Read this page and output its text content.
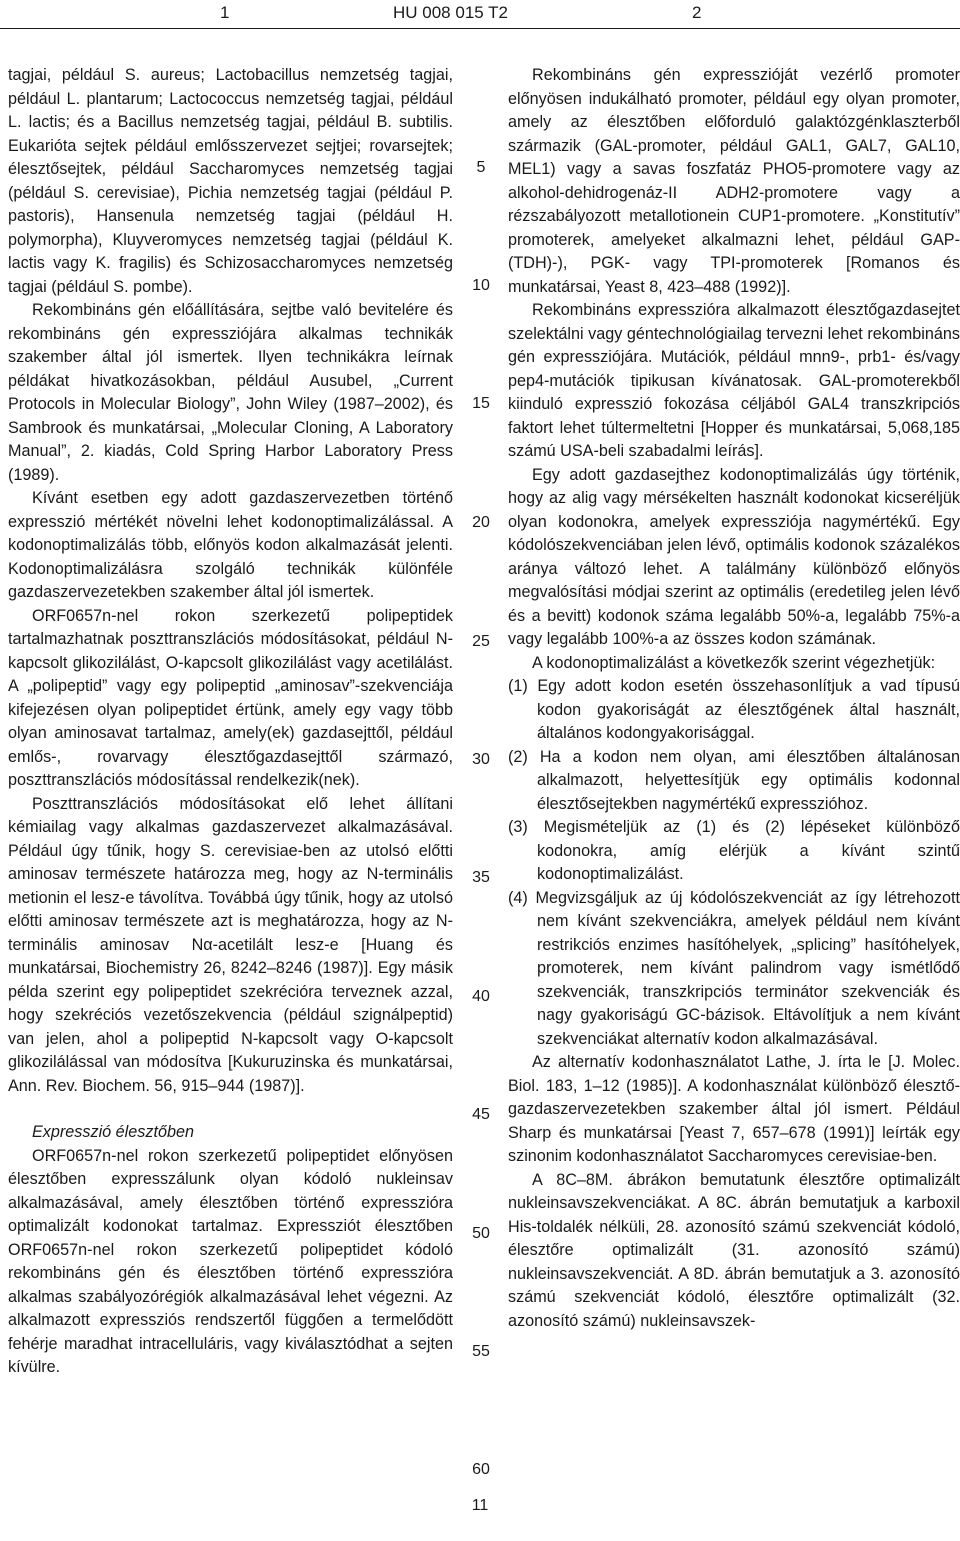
1	HU 008 015 T2	2

tagjai, például S. aureus; Lactobacillus nemzetség tagjai, például L. plantarum; Lactococcus nemzetség tagjai, például L. lactis; és a Bacillus nemzetség tagjai, például B. subtilis. Eukarióta sejtek például emlősszervezet sejtjei; rovarsejtek; élesztősejtek, például Saccharomyces nemzetség tagjai (például S. cerevisiae), Pichia nemzetség tagjai (például P. pastoris), Hansenula nemzetség tagjai (például H. polymorpha), Kluyveromyces nemzetség tagjai (például K. lactis vagy K. fragilis) és Schizosaccharomyces nemzetség tagjai (például S. pombe).

Rekombináns gén előállítására, sejtbe való bevitelére és rekombináns gén expressziójára alkalmas technikák szakember által jól ismertek. Ilyen technikákra leírnak példákat hivatkozásokban, például Ausubel, „Current Protocols in Molecular Biology”, John Wiley (1987–2002), és Sambrook és munkatársai, „Molecular Cloning, A Laboratory Manual”, 2. kiadás, Cold Spring Harbor Laboratory Press (1989).

Kívánt esetben egy adott gazdaszervezetben történő expresszió mértékét növelni lehet kodonoptimalizálással. A kodonoptimalizálás több, előnyös kodon alkalmazását jelenti. Kodonoptimalizálásra szolgáló technikák különféle gazdaszervezetekben szakember által jól ismertek.

ORF0657n-nel rokon szerkezetű polipeptidek tartalmazhatnak poszttranszlációs módosításokat, például N-kapcsolt glikozilálást, O-kapcsolt glikozilálást vagy acetilálást. A „polipeptid” vagy egy polipeptid „aminosav”-szekvenciája kifejezésen olyan polipeptidet értünk, amely egy vagy több olyan aminosavat tartalmaz, amely(ek) gazdasejttől, például emlős-, rovarvagy élesztőgazdasejttől származó, poszttranszlációs módosítással rendelkezik(nek).

Poszttranszlációs módosításokat elő lehet állítani kémiailag vagy alkalmas gazdaszervezet alkalmazásával. Például úgy tűnik, hogy S. cerevisiae-ben az utolsó előtti aminosav természete határozza meg, hogy az N-terminális metionin el lesz-e távolítva. Továbbá úgy tűnik, hogy az utolsó előtti aminosav természete azt is meghatározza, hogy az N-terminális aminosav Nα-acetilált lesz-e [Huang és munkatársai, Biochemistry 26, 8242–8246 (1987)]. Egy másik példa szerint egy polipeptidet szekrécióra terveznek azzal, hogy szekréciós vezetőszekvencia (például szignálpeptid) van jelen, ahol a polipeptid N-kapcsolt vagy O-kapcsolt glikozilálással van módosítva [Kukuruzinska és munkatársai, Ann. Rev. Biochem. 56, 915–944 (1987)].

Expresszió élesztőben

ORF0657n-nel rokon szerkezetű polipeptidet előnyösen élesztőben expresszálunk olyan kódoló nukleinsav alkalmazásával, amely élesztőben történő expresszióra optimalizált kodonokat tartalmaz. Expressziót élesztőben ORF0657n-nel rokon szerkezetű polipeptidet kódoló rekombináns gén és élesztőben történő expresszióra alkalmas szabályozórégiók alkalmazásával lehet végezni. Az alkalmazott expressziós rendszertől függően a termelődött fehérje maradhat intracelluláris, vagy kiválasztódhat a sejten kívülre.

5
10
15
20
25
30
35
40
45
50
55
60

Rekombináns gén expresszióját vezérlő promoter előnyösen indukálható promoter, például egy olyan promoter, amely az élesztőben előforduló galaktózgénklaszterből származik (GAL-promoter, például GAL1, GAL7, GAL10, MEL1) vagy a savas foszfatáz PHO5-promotere vagy az alkohol-dehidrogenáz-II ADH2-promotere vagy a rézszabályozott metallotionein CUP1-promotere. „Konstitutív” promoterek, amelyeket alkalmazni lehet, például GAP- (TDH)-), PGK- vagy TPI-promoterek [Romanos és munkatársai, Yeast 8, 423–488 (1992)].

Rekombináns expresszióra alkalmazott élesztőgazdasejtet szelektálni vagy géntechnológiailag tervezni lehet rekombináns gén expressziójára. Mutációk, például mnn9-, prb1- és/vagy pep4-mutációk tipikusan kívánatosak. GAL-promoterekből kiinduló expresszió fokozása céljából GAL4 transzkripciós faktort lehet túltermeltetni [Hopper és munkatársai, 5,068,185 számú USA-beli szabadalmi leírás].

Egy adott gazdasejthez kodonoptimalizálás úgy történik, hogy az alig vagy mérsékelten használt kodonokat kicseréljük olyan kodonokra, amelyek expressziója nagymértékű. Egy kódolószekvenciában jelen lévő, optimális kodonok százalékos aránya változó lehet. A találmány különböző előnyös megvalósítási módjai szerint az optimális (eredetileg jelen lévő és a bevitt) kodonok száma legalább 50%-a, legalább 75%-a vagy legalább 100%-a az összes kodon számának.

A kodonoptimalizálást a következők szerint végezhetjük:

(1) Egy adott kodon esetén összehasonlítjuk a vad típusú kodon gyakoriságát az élesztőgének által használt, általános kodongyakorisággal.

(2) Ha a kodon nem olyan, ami élesztőben általánosan alkalmazott, helyettesítjük egy optimális kodonnal élesztősejtekben nagymértékű expresszióhoz.

(3) Megismételjük az (1) és (2) lépéseket különböző kodonokra, amíg elérjük a kívánt szintű kodonoptimalizálást.

(4) Megvizsgáljuk az új kódolószekvenciát az így létrehozott nem kívánt szekvenciákra, amelyek például nem kívánt restrikciós enzimes hasítóhelyek, „splicing” hasítóhelyek, promoterek, nem kívánt palindrom vagy ismétlődő szekvenciák, transzkripciós terminátor szekvenciák és nagy gyakoriságú GC-bázisok. Eltávolítjuk a nem kívánt szekvenciákat alternatív kodon alkalmazásával.

Az alternatív kodonhasználatot Lathe, J. írta le [J. Molec. Biol. 183, 1–12 (1985)]. A kodonhasználat különböző élesztő-gazdaszervezetekben szakember által jól ismert. Például Sharp és munkatársai [Yeast 7, 657–678 (1991)] leírták egy szinonim kodonhasználatot Saccharomyces cerevisiae-ben.

A 8C–8M. ábrákon bemutatunk élesztőre optimalizált nukleinsavszekvenciákat. A 8C. ábrán bemutatjuk a karboxil His-toldalék nélküli, 28. azonosító számú szekvenciát kódoló, élesztőre optimalizált (31. azonosító számú) nukleinsavszekvenciát. A 8D. ábrán bemutatjuk a 3. azonosító számú szekvenciát kódoló, élesztőre optimalizált (32. azonosító számú) nukleinsavszek-

11
